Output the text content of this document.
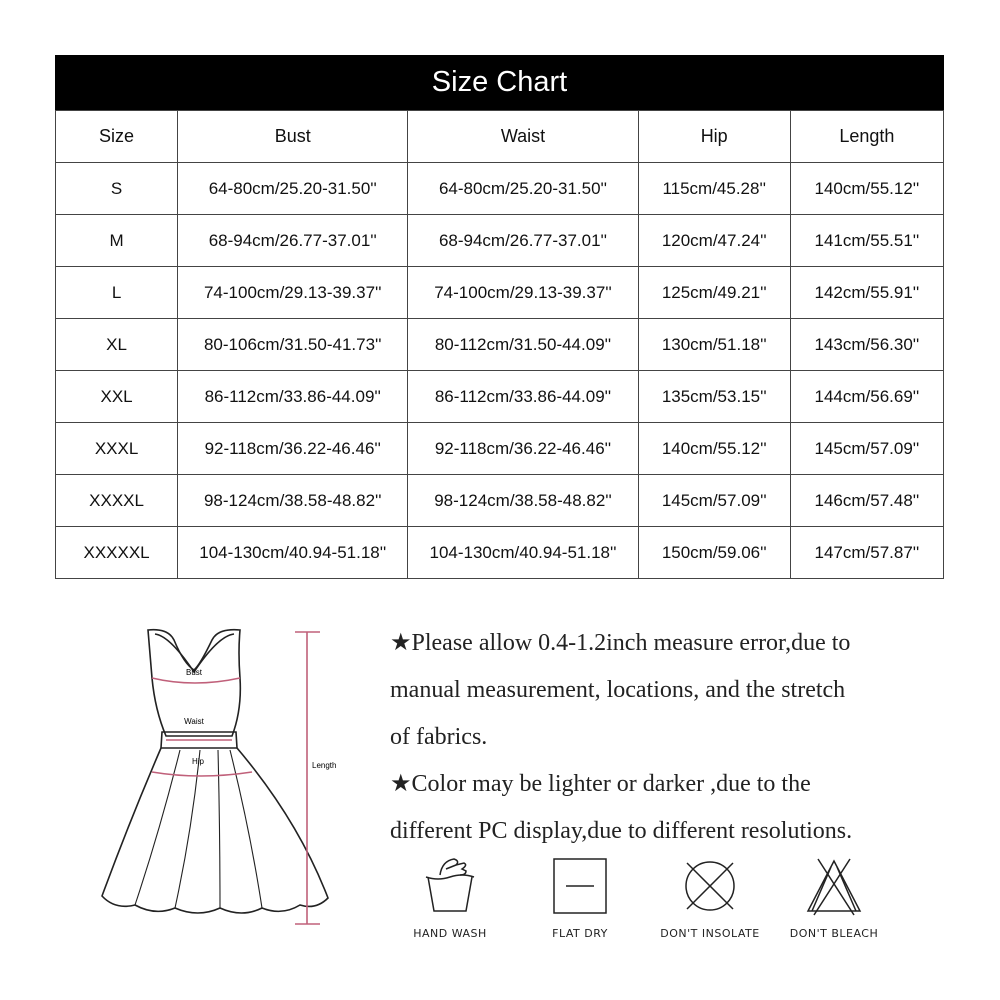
Size Chart
Size	Bust	Waist	Hip	Length
S	64-80cm/25.20-31.50''	64-80cm/25.20-31.50''	115cm/45.28''	140cm/55.12''
M	68-94cm/26.77-37.01''	68-94cm/26.77-37.01''	120cm/47.24''	141cm/55.51''
L	74-100cm/29.13-39.37''	74-100cm/29.13-39.37''	125cm/49.21''	142cm/55.91''
XL	80-106cm/31.50-41.73''	80-112cm/31.50-44.09''	130cm/51.18''	143cm/56.30''
XXL	86-112cm/33.86-44.09''	86-112cm/33.86-44.09''	135cm/53.15''	144cm/56.69''
XXXL	92-118cm/36.22-46.46''	92-118cm/36.22-46.46''	140cm/55.12''	145cm/57.09''
XXXXL	98-124cm/38.58-48.82''	98-124cm/38.58-48.82''	145cm/57.09''	146cm/57.48''
XXXXXL	104-130cm/40.94-51.18''	104-130cm/40.94-51.18''	150cm/59.06''	147cm/57.87''
Bust
Waist
Hip	Length
★Please allow 0.4-1.2inch measure error,due to
manual measurement, locations, and the stretch
of fabrics.
★Color may be lighter or darker ,due to the
different PC display,due to different resolutions.
HAND WASH	FLAT DRY	DON'T INSOLATE	DON'T BLEACH
